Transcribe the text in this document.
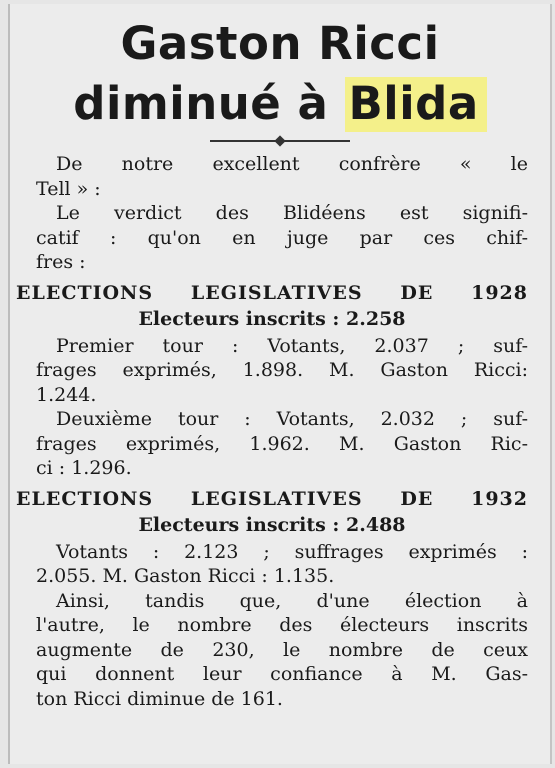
Gaston Ricci
diminué à Blida
De notre excellent confrère « le
Tell » :
Le verdict des Blidéens est signifi-
catif : qu'on en juge par ces chif-
fres :
ELECTIONS LEGISLATIVES DE 1928
Electeurs inscrits : 2.258
Premier tour : Votants, 2.037 ; suf-
frages exprimés, 1.898. M. Gaston Ricci:
1.244.
Deuxième tour : Votants, 2.032 ; suf-
frages exprimés, 1.962. M. Gaston Ric-
ci : 1.296.
ELECTIONS LEGISLATIVES DE 1932
Electeurs inscrits : 2.488
Votants : 2.123 ; suffrages exprimés :
2.055. M. Gaston Ricci : 1.135.
Ainsi, tandis que, d'une élection à
l'autre, le nombre des électeurs inscrits
augmente de 230, le nombre de ceux
qui donnent leur confiance à M. Gas-
ton Ricci diminue de 161.
